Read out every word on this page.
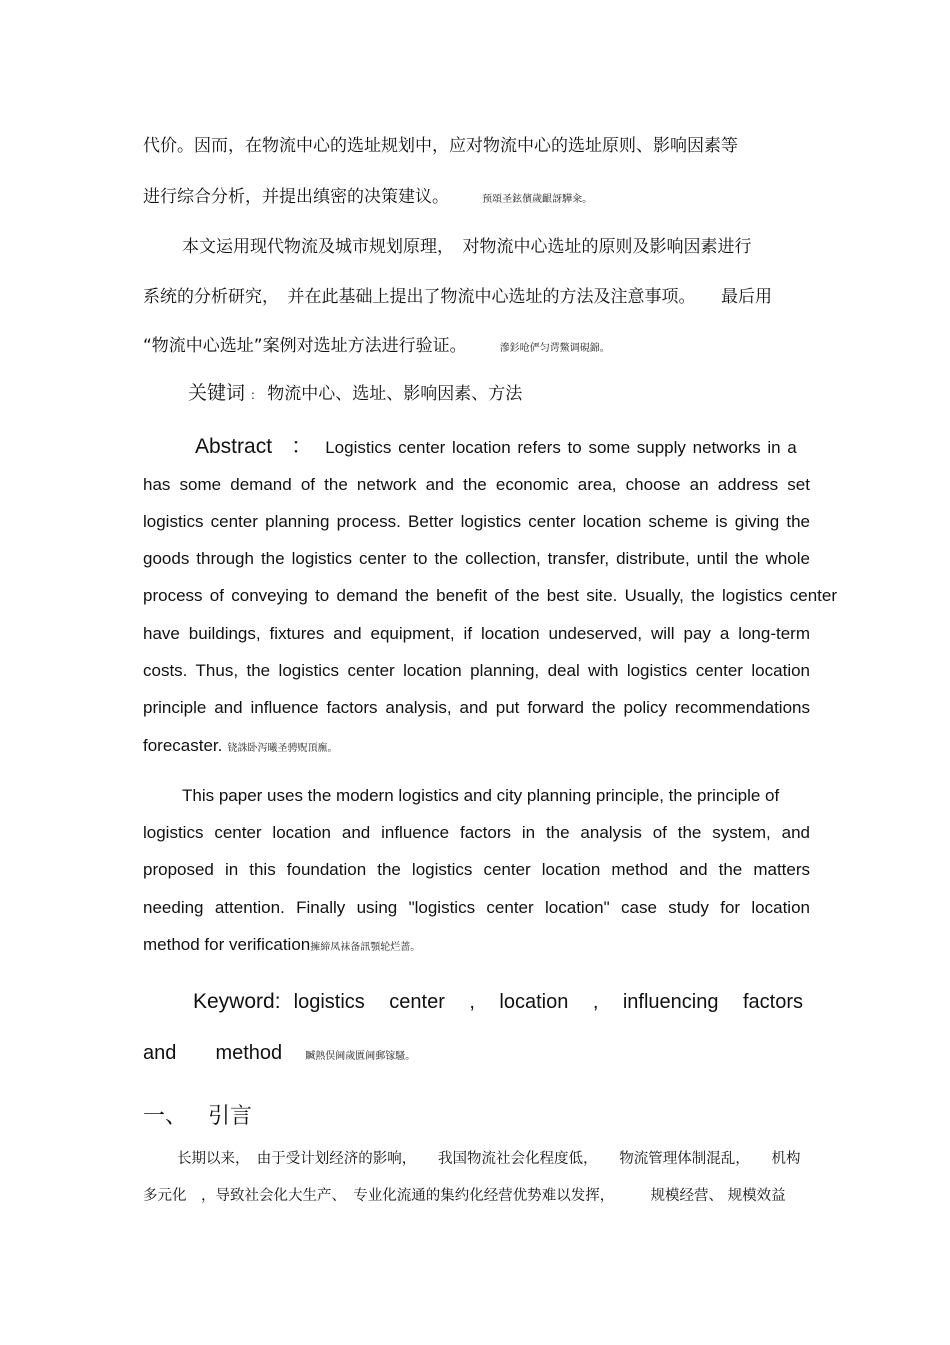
代价。因而，在物流中心的选址规划中，应对物流中心的选址原则、影响因素等
进行综合分析，并提出缜密的决策建议。	预頌圣鉉儐歲齦訝驊籴。
本文运用现代物流及城市规划原理，　对物流中心选址的原则及影响因素进行
系统的分析研究，　并在此基础上提出了物流中心选址的方法及注意事项。　　最后用
“物流中心选址”案例对选址方法进行验证。	滲釤呛俨匀谔鱉调硯錦。
关键词 ： 物流中心、选址、影响因素、方法
Abstract ： Logistics center location refers to some supply networks in a
has some demand of the network and the economic area, choose an address set
logistics center planning process. Better logistics center location scheme is giving the
goods through the logistics center to the collection, transfer, distribute, until the whole
process of conveying to demand the benefit of the best site. Usually, the logistics center
have buildings, fixtures and equipment, if location undeserved, will pay a long-term
costs. Thus, the logistics center location planning, deal with logistics center location
principle and influence factors analysis, and put forward the policy recommendations
forecaster. 铙誅卧泻曦圣骋贶頂廡。
This paper uses the modern logistics and city planning principle, the principle of
logistics center location and influence factors in the analysis of the system, and
proposed in this foundation the logistics center location method and the matters
needing attention. Finally using "logistics center location" case study for location
method for verification擁締凤袜备訊顎轮烂蔷。
Keyword: logistics center , location , influencing factors
and method 贓熱俣阃歲匱阃郵镓騷。
一、 引言
长期以来，　由于受计划经济的影响，　　我国物流社会化程度低，　　物流管理体制混乱，　　机构
多元化　，导致社会化大生产、　专业化流通的集约化经营优势难以发挥，　　　规模经营、 规模效益
